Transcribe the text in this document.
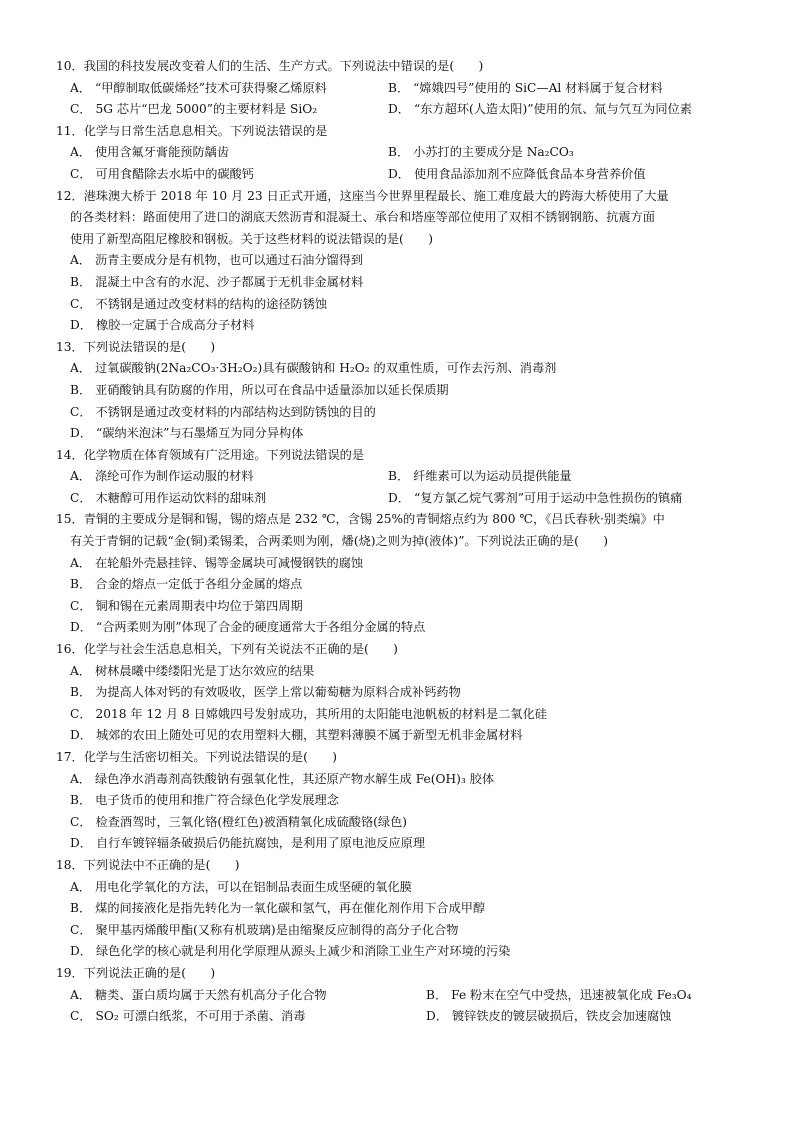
10．我国的科技发展改变着人们的生活、生产方式。下列说法中错误的是(　　)
A． “甲醇制取低碳烯烃”技术可获得聚乙烯原料	B． “嫦娥四号”使用的 SiC—Al 材料属于复合材料
C． 5G 芯片“巴龙 5000”的主要材料是 SiO₂	D． “东方超环(人造太阳)”使用的氘、氚与氕互为同位素
11．化学与日常生活息息相关。下列说法错误的是
A． 使用含氟牙膏能预防龋齿	B． 小苏打的主要成分是 Na₂CO₃
C． 可用食醋除去水垢中的碳酸钙	D． 使用食品添加剂不应降低食品本身营养价值
12．港珠澳大桥于 2018 年 10 月 23 日正式开通，这座当今世界里程最长、施工难度最大的跨海大桥使用了大量
的各类材料：路面使用了进口的湖底天然沥青和混凝土、承台和塔座等部位使用了双相不锈钢钢筋、抗震方面
使用了新型高阻尼橡胶和钢板。关于这些材料的说法错误的是(　　)
A． 沥青主要成分是有机物，也可以通过石油分馏得到
B． 混凝土中含有的水泥、沙子都属于无机非金属材料
C． 不锈钢是通过改变材料的结构的途径防锈蚀
D． 橡胶一定属于合成高分子材料
13．下列说法错误的是(　　)
A． 过氧碳酸钠(2Na₂CO₃·3H₂O₂)具有碳酸钠和 H₂O₂ 的双重性质，可作去污剂、消毒剂
B． 亚硝酸钠具有防腐的作用，所以可在食品中适量添加以延长保质期
C． 不锈钢是通过改变材料的内部结构达到防锈蚀的目的
D． “碳纳米泡沫”与石墨烯互为同分异构体
14．化学物质在体育领域有广泛用途。下列说法错误的是
A． 涤纶可作为制作运动服的材料	B． 纤维素可以为运动员提供能量
C． 木糖醇可用作运动饮料的甜味剂	D． “复方氯乙烷气雾剂”可用于运动中急性损伤的镇痛
15．青铜的主要成分是铜和锡，锡的熔点是 232 ℃，含锡 25%的青铜熔点约为 800 ℃，《吕氏春秋·别类编》中
有关于青铜的记载“金(铜)柔锡柔，合两柔则为刚，燔(烧)之则为掉(液体)”。下列说法正确的是(　　)
A． 在轮船外壳悬挂锌、锡等金属块可减慢钢铁的腐蚀
B． 合金的熔点一定低于各组分金属的熔点
C． 铜和锡在元素周期表中均位于第四周期
D． “合两柔则为刚”体现了合金的硬度通常大于各组分金属的特点
16．化学与社会生活息息相关，下列有关说法不正确的是(　　)
A． 树林晨曦中缕缕阳光是丁达尔效应的结果
B． 为提高人体对钙的有效吸收，医学上常以葡萄糖为原料合成补钙药物
C． 2018 年 12 月 8 日嫦娥四号发射成功，其所用的太阳能电池帆板的材料是二氧化硅
D． 城郊的农田上随处可见的农用塑料大棚，其塑料薄膜不属于新型无机非金属材料
17．化学与生活密切相关。下列说法错误的是(　　)
A． 绿色净水消毒剂高铁酸钠有强氧化性，其还原产物水解生成 Fe(OH)₃ 胶体
B． 电子货币的使用和推广符合绿色化学发展理念
C． 检查酒驾时，三氧化铬(橙红色)被酒精氧化成硫酸铬(绿色)
D． 自行车镀锌辐条破损后仍能抗腐蚀，是利用了原电池反应原理
18．下列说法中不正确的是(　　)
A． 用电化学氧化的方法，可以在铝制品表面生成坚硬的氧化膜
B． 煤的间接液化是指先转化为一氧化碳和氢气，再在催化剂作用下合成甲醇
C． 聚甲基丙烯酸甲酯(又称有机玻璃)是由缩聚反应制得的高分子化合物
D． 绿色化学的核心就是利用化学原理从源头上减少和消除工业生产对环境的污染
19．下列说法正确的是(　　)
A． 糖类、蛋白质均属于天然有机高分子化合物	B． Fe 粉末在空气中受热，迅速被氧化成 Fe₃O₄
C． SO₂ 可漂白纸浆，不可用于杀菌、消毒	D． 镀锌铁皮的镀层破损后，铁皮会加速腐蚀
